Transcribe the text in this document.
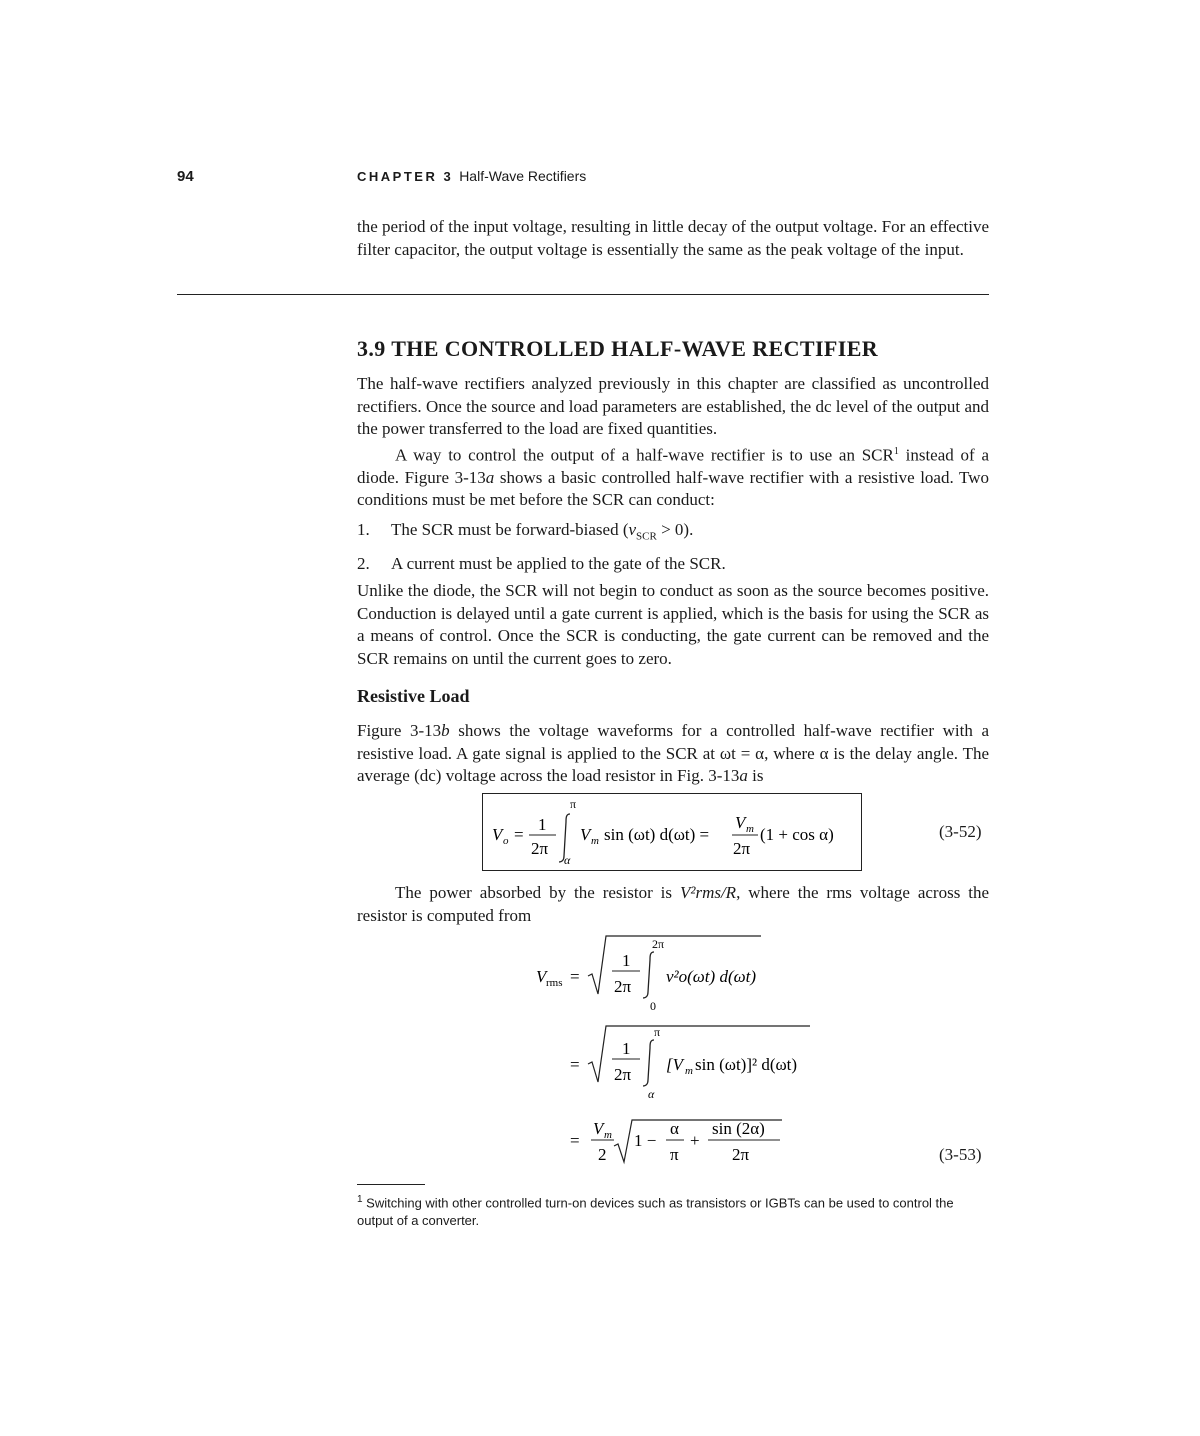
94	CHAPTER 3 Half-Wave Rectifiers

the period of the input voltage, resulting in little decay of the output voltage. For an effective filter capacitor, the output voltage is essentially the same as the peak voltage of the input.

3.9 THE CONTROLLED HALF-WAVE RECTIFIER

The half-wave rectifiers analyzed previously in this chapter are classified as uncontrolled rectifiers. Once the source and load parameters are established, the dc level of the output and the power transferred to the load are fixed quantities.

A way to control the output of a half-wave rectifier is to use an SCR$^1$ instead of a diode. Figure 3-13a shows a basic controlled half-wave rectifier with a resistive load. Two conditions must be met before the SCR can conduct:

1.	The SCR must be forward-biased $(v_{SCR} > 0)$.
2.	A current must be applied to the gate of the SCR.

Unlike the diode, the SCR will not begin to conduct as soon as the source becomes positive. Conduction is delayed until a gate current is applied, which is the basis for using the SCR as a means of control. Once the SCR is conducting, the gate current can be removed and the SCR remains on until the current goes to zero.

Resistive Load

Figure 3-13b shows the voltage waveforms for a controlled half-wave rectifier with a resistive load. A gate signal is applied to the SCR at ωt = α, where α is the delay angle. The average (dc) voltage across the load resistor in Fig. 3-13a is

V o =
1
2π
π
α
V m sin (ωt) d(ωt) =
V m
2π
(1 + cos α)	(3-52)

The power absorbed by the resistor is V²rms/R, where the rms voltage across the resistor is computed from

V rms =
1
2π
2π
0
v²o(ωt) d(ωt)
=
1
2π
π
α
[V m sin (ωt)]² d(ωt)
=
V m
2
1 −
α
π
+
sin (2α)
2π	(3-53)
$^1$ Switching with other controlled turn-on devices such as transistors or IGBTs can be used to control the output of a converter.
